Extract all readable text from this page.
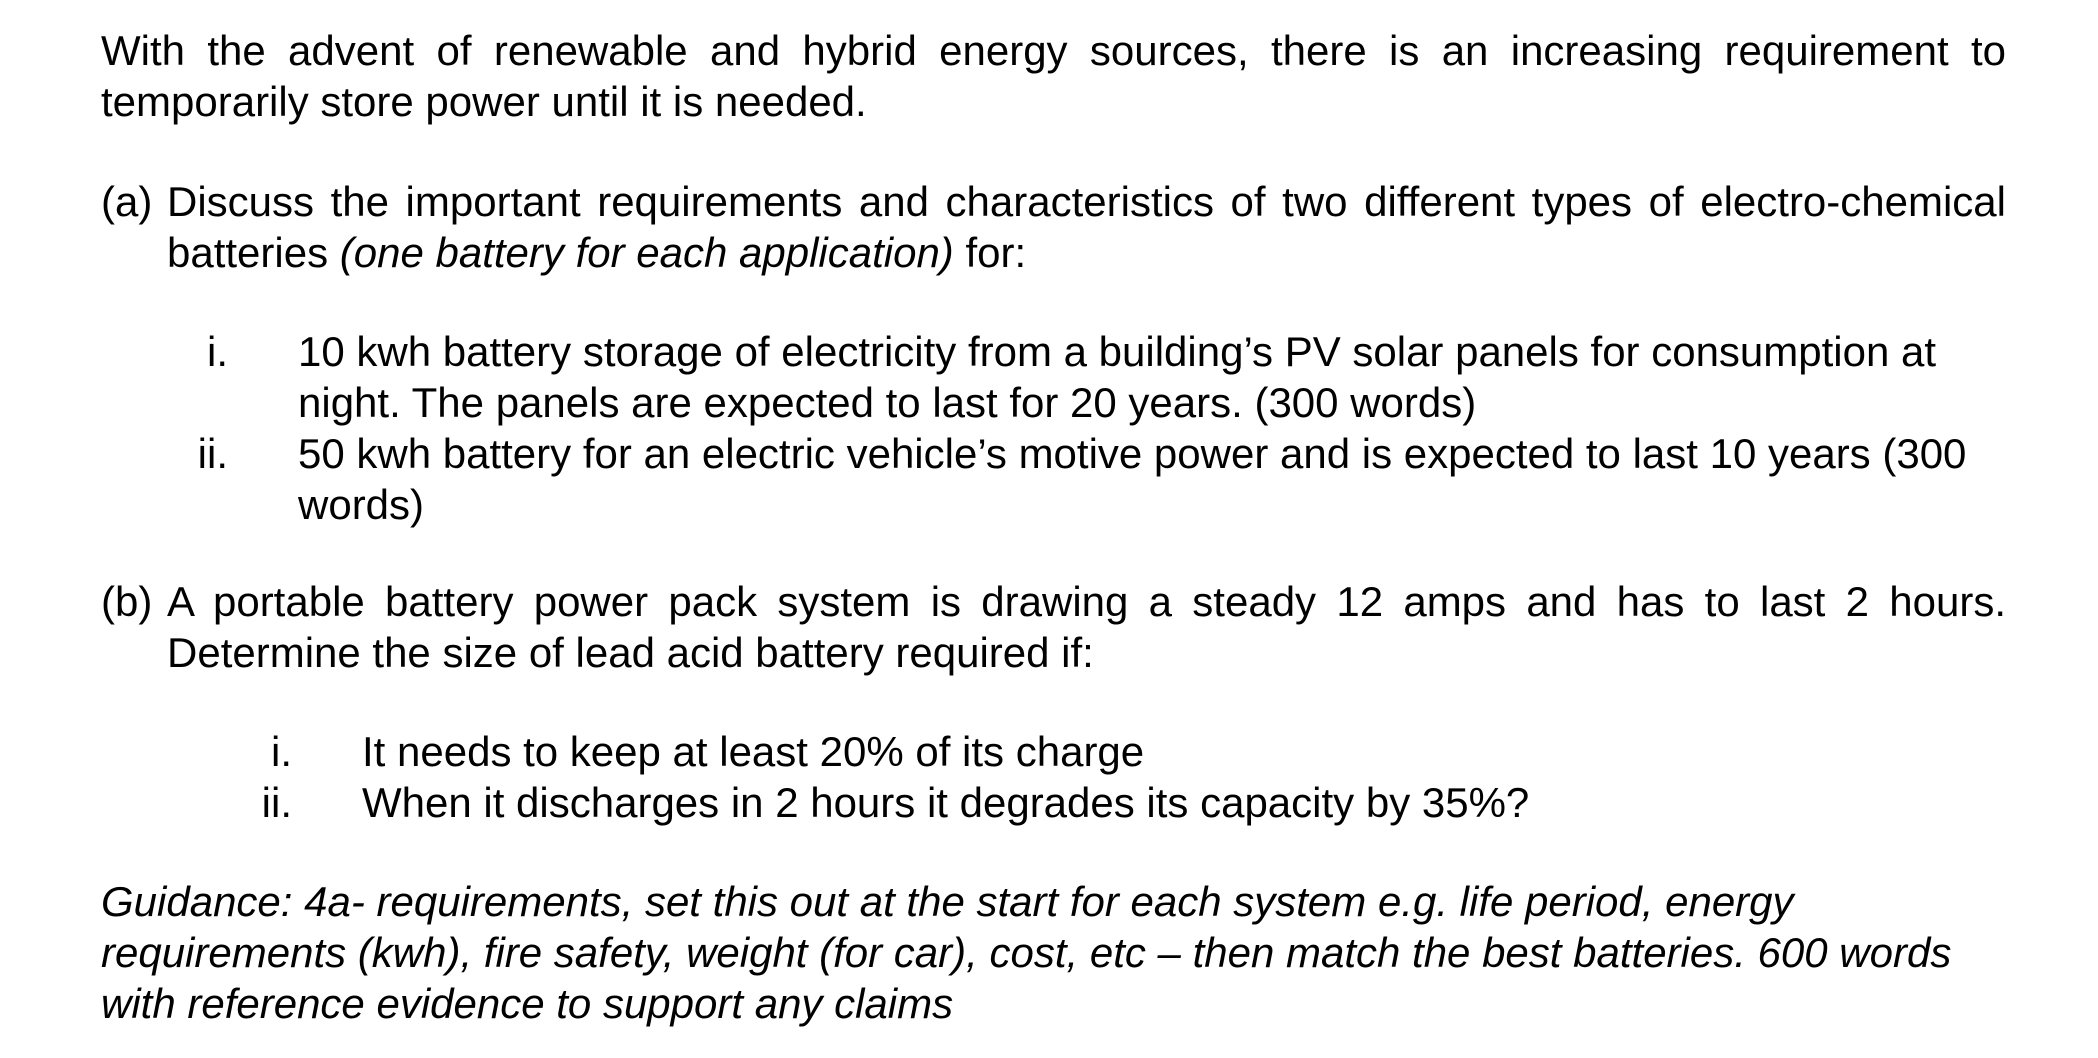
With the advent of renewable and hybrid energy sources, there is an increasing requirement to temporarily store power until it is needed.

(a) Discuss the important requirements and characteristics of two different types of electro-chemical batteries (one battery for each application) for:
i. 10 kwh battery storage of electricity from a building’s PV solar panels for consumption at night. The panels are expected to last for 20 years. (300 words)
ii. 50 kwh battery for an electric vehicle’s motive power and is expected to last 10 years (300 words)
(b) A portable battery power pack system is drawing a steady 12 amps and has to last 2 hours. Determine the size of lead acid battery required if:
i. It needs to keep at least 20% of its charge
ii. When it discharges in 2 hours it degrades its capacity by 35%?

Guidance: 4a- requirements, set this out at the start for each system e.g. life period, energy requirements (kwh), fire safety, weight (for car), cost, etc – then match the best batteries. 600 words with reference evidence to support any claims
